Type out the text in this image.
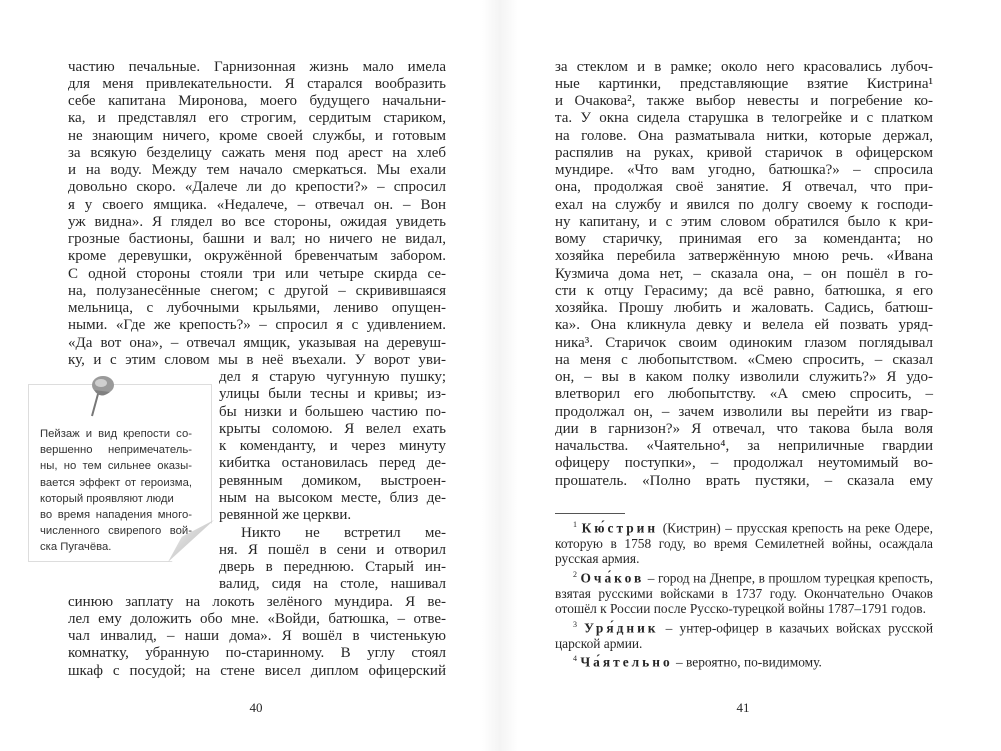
частию печальные. Гарнизонная жизнь мало имела
для меня привлекательности. Я старался вообразить
себе капитана Миронова, моего будущего начальни-
ка, и представлял его строгим, сердитым стариком,
не знающим ничего, кроме своей службы, и готовым
за всякую безделицу сажать меня под арест на хлеб
и на воду. Между тем начало смеркаться. Мы ехали
довольно скоро. «Далече ли до крепости?» – спросил
я у своего ямщика. «Недалече, – отвечал он. – Вон
уж видна». Я глядел во все стороны, ожидая увидеть
грозные бастионы, башни и вал; но ничего не видал,
кроме деревушки, окружённой бревенчатым забором.
С одной стороны стояли три или четыре скирда се-
на, полузанесённые снегом; с другой – скривившаяся
мельница, с лубочными крыльями, лениво опущен-
ными. «Где же крепость?» – спросил я с удивлением.
«Да вот она», – отвечал ямщик, указывая на деревуш-
ку, и с этим словом мы в неё въехали. У ворот уви-
дел я старую чугунную пушку;
улицы были тесны и кривы; из-
бы низки и большею частию по-
крыты соломою. Я велел ехать
к коменданту, и через минуту
кибитка остановилась перед де-
ревянным домиком, выстроен-
ным на высоком месте, близ де-
ревянной же церкви.
Никто не встретил ме-
ня. Я пошёл в сени и отворил
дверь в переднюю. Старый ин-
валид, сидя на столе, нашивал
синюю заплату на локоть зелёного мундира. Я ве-
лел ему доложить обо мне. «Войди, батюшка, – отве-
чал инвалид, – наши дома». Я вошёл в чистенькую
комнатку, убранную по-старинному. В углу стоял
шкаф с посудой; на стене висел диплом офицерский
40
Пейзаж и вид крепости со-
вершенно непримечатель-
ны, но тем сильнее оказы-
вается эффект от героизма,
который проявляют люди
во время нападения много-
численного свирепого вой-
ска Пугачёва.
за стеклом и в рамке; около него красовались лубоч-
ные картинки, представляющие взятие Кистрина¹
и Очакова², также выбор невесты и погребение ко-
та. У окна сидела старушка в телогрейке и с платком
на голове. Она разматывала нитки, которые держал,
распялив на руках, кривой старичок в офицерском
мундире. «Что вам угодно, батюшка?» – спросила
она, продолжая своё занятие. Я отвечал, что при-
ехал на службу и явился по долгу своему к господи-
ну капитану, и с этим словом обратился было к кри-
вому старичку, принимая его за коменданта; но
хозяйка перебила затвержённую мною речь. «Ивана
Кузмича дома нет, – сказала она, – он пошёл в го-
сти к отцу Герасиму; да всё равно, батюшка, я его
хозяйка. Прошу любить и жаловать. Садись, батюш-
ка». Она кликнула девку и велела ей позвать уряд-
ника³. Старичок своим одиноким глазом поглядывал
на меня с любопытством. «Смею спросить, – сказал
он, – вы в каком полку изволили служить?» Я удо-
влетворил его любопытству. «А смею спросить, –
продолжал он, – зачем изволили вы перейти из гвар-
дии в гарнизон?» Я отвечал, что такова была воля
начальства. «Чаятельно⁴, за неприличные гвардии
офицеру поступки», – продолжал неутомимый во-
прошатель. «Полно врать пустяки, – сказала ему
41

$^1$ Кю́стрин (Кистрин) – прусская крепость на реке Одере, которую в 1758 году, во время Семилетней войны, осаждала русская армия.

$^2$ Оча́ков – город на Днепре, в прошлом турецкая крепость, взятая русскими войсками в 1737 году. Окончательно Очаков отошёл к России после Русско-турецкой войны 1787–1791 годов.

$^3$ Уря́дник – унтер-офицер в казачьих войсках русской царской армии.

$^4$ Ча́ятельно – вероятно, по-видимому.
